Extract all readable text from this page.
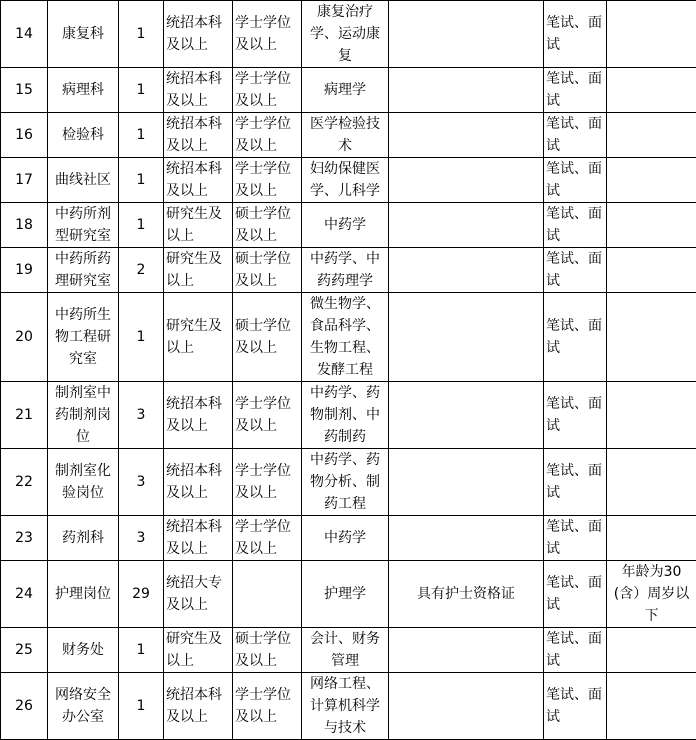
14	康复科	1	统招本科及以上	学士学位及以上	康复治疗学、运动康复		笔试、面试	
15	病理科	1	统招本科及以上	学士学位及以上	病理学		笔试、面试	
16	检验科	1	统招本科及以上	学士学位及以上	医学检验技术		笔试、面试	
17	曲线社区	1	统招本科及以上	学士学位及以上	妇幼保健医学、儿科学		笔试、面试	
18	中药所剂型研究室	1	研究生及以上	硕士学位及以上	中药学		笔试、面试	
19	中药所药理研究室	2	研究生及以上	硕士学位及以上	中药学、中药药理学		笔试、面试	
20	中药所生物工程研究室	1	研究生及以上	硕士学位及以上	微生物学、食品科学、生物工程、发酵工程		笔试、面试	
21	制剂室中药制剂岗位	3	统招本科及以上	学士学位及以上	中药学、药物制剂、中药制药		笔试、面试	
22	制剂室化验岗位	3	统招本科及以上	学士学位及以上	中药学、药物分析、制药工程		笔试、面试	
23	药剂科	3	统招本科及以上	学士学位及以上	中药学		笔试、面试	
24	护理岗位	29	统招大专及以上		护理学	具有护士资格证	笔试、面试	年龄为30(含）周岁以下
25	财务处	1	研究生及以上	硕士学位及以上	会计、财务管理		笔试、面试	
26	网络安全办公室	1	统招本科及以上	学士学位及以上	网络工程、计算机科学与技术		笔试、面试	
